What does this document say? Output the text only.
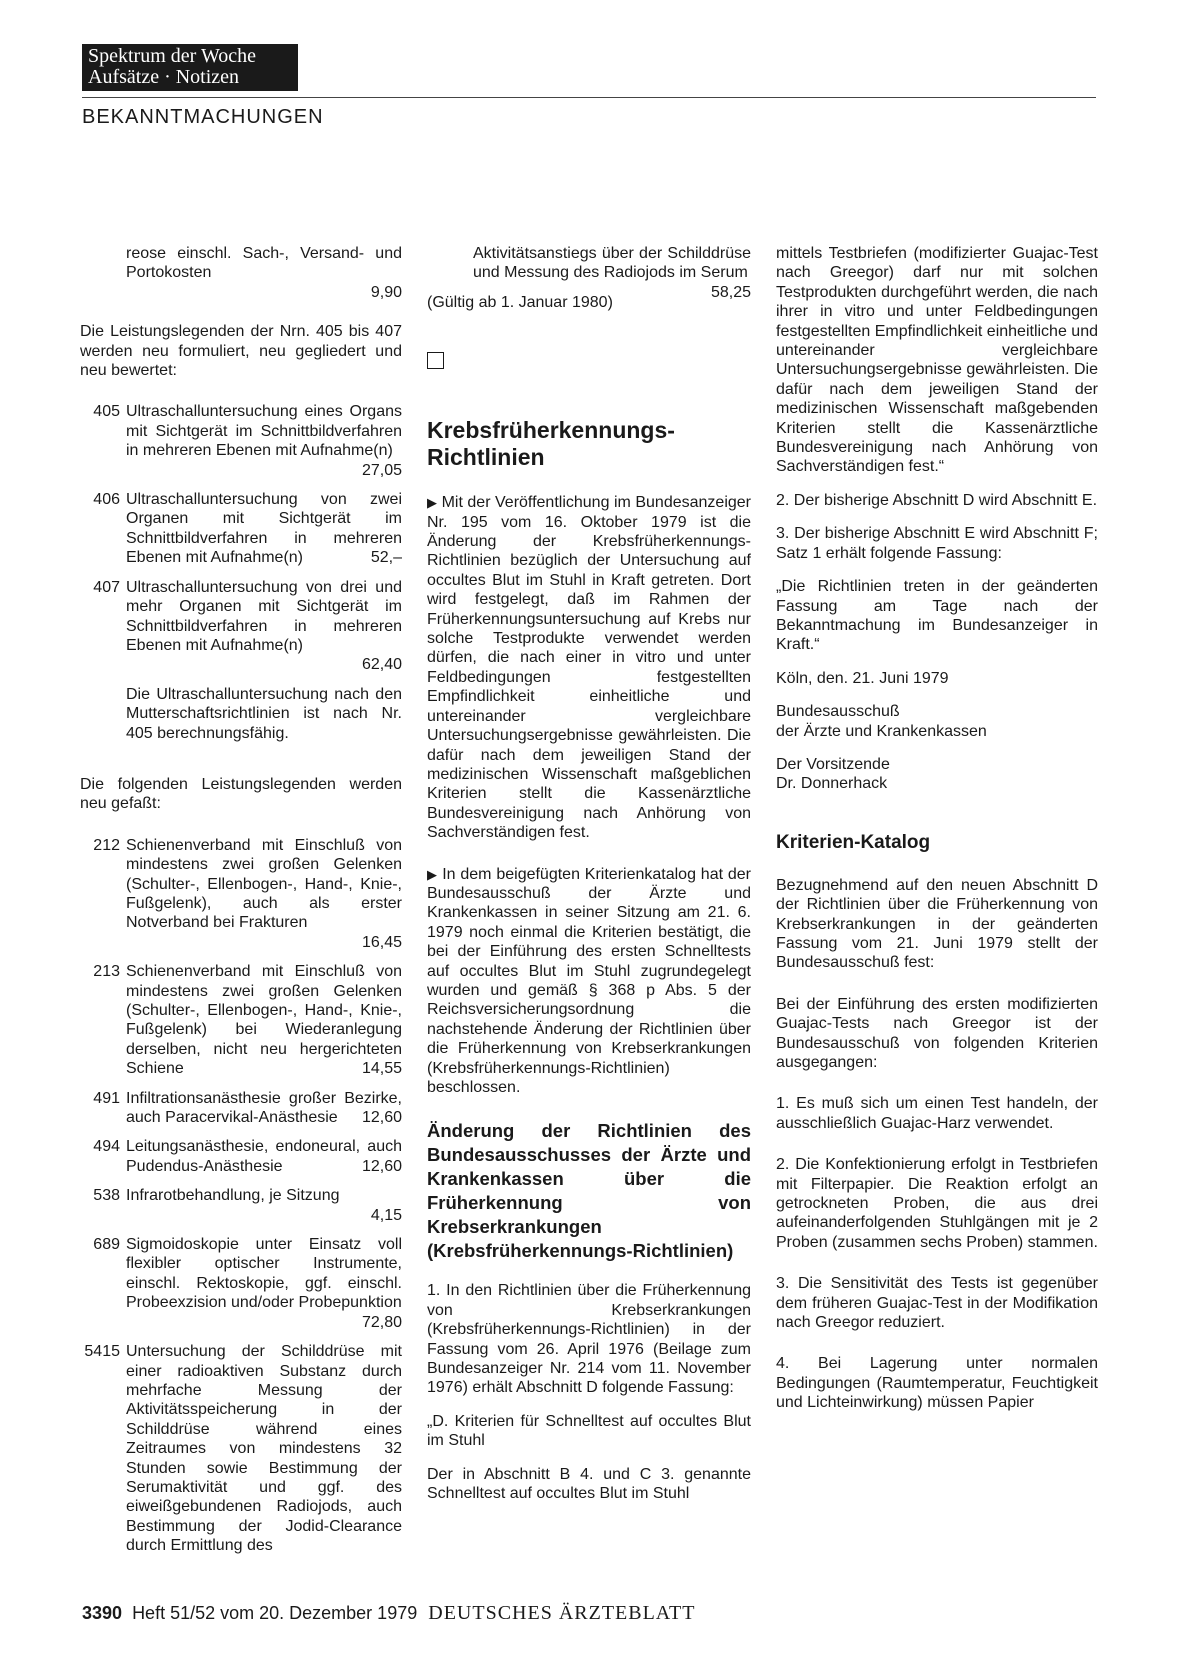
Spektrum der Woche
Aufsätze · Notizen
BEKANNTMACHUNGEN
reose einschl. Sach-, Versand- und Portokosten
9,90

Die Leistungslegenden der Nrn. 405 bis 407 werden neu formuliert, neu gegliedert und neu bewertet:

405 Ultraschalluntersuchung eines Organs mit Sichtgerät im Schnittbildverfahren in mehreren Ebenen mit Aufnahme(n)
27,05
406 Ultraschalluntersuchung von zwei Organen mit Sichtgerät im Schnittbildverfahren in mehreren Ebenen mit Aufnahme(n)	52,–
407 Ultraschalluntersuchung von drei und mehr Organen mit Sichtgerät im Schnittbildverfahren in mehreren Ebenen mit Aufnahme(n)
62,40

Die Ultraschalluntersuchung nach den Mutterschaftsrichtlinien ist nach Nr. 405 berechnungsfähig.

Die folgenden Leistungslegenden werden neu gefaßt:

212 Schienenverband mit Einschluß von mindestens zwei großen Gelenken (Schulter-, Ellenbogen-, Hand-, Knie-, Fußgelenk), auch als erster Notverband bei Frakturen
16,45
213 Schienenverband mit Einschluß von mindestens zwei großen Gelenken (Schulter-, Ellenbogen-, Hand-, Knie-, Fußgelenk) bei Wiederanlegung derselben, nicht neu hergerichteten Schiene	14,55
491 Infiltrationsanästhesie großer Bezirke, auch Paracervikal-Anästhesie 12,60
494 Leitungsanästhesie, endoneural, auch Pudendus-Anästhesie	12,60
538 Infrarotbehandlung, je Sitzung
4,15
689 Sigmoidoskopie unter Einsatz voll flexibler optischer Instrumente, einschl. Rektoskopie, ggf. einschl. Probeexzision und/oder Probepunktion
72,80
5415 Untersuchung der Schilddrüse mit einer radioaktiven Substanz durch mehrfache Messung der Aktivitätsspeicherung in der Schilddrüse während eines Zeitraumes von mindestens 32 Stunden sowie Bestimmung der Serumaktivität und ggf. des eiweißgebundenen Radiojods, auch Bestimmung der Jodid-Clearance durch Ermittlung des
Aktivitätsanstiegs über der Schilddrüse und Messung des Radiojods im Serum
58,25

(Gültig ab 1. Januar 1980)

Krebsfrüherkennungs-Richtlinien

▶ Mit der Veröffentlichung im Bundesanzeiger Nr. 195 vom 16. Oktober 1979 ist die Änderung der Krebsfrüherkennungs-Richtlinien bezüglich der Untersuchung auf occultes Blut im Stuhl in Kraft getreten. Dort wird festgelegt, daß im Rahmen der Früherkennungsuntersuchung auf Krebs nur solche Testprodukte verwendet werden dürfen, die nach einer in vitro und unter Feldbedingungen festgestellten Empfindlichkeit einheitliche und untereinander vergleichbare Untersuchungsergebnisse gewährleisten. Die dafür nach dem jeweiligen Stand der medizinischen Wissenschaft maßgeblichen Kriterien stellt die Kassenärztliche Bundesvereinigung nach Anhörung von Sachverständigen fest.

▶ In dem beigefügten Kriterienkatalog hat der Bundesausschuß der Ärzte und Krankenkassen in seiner Sitzung am 21. 6. 1979 noch einmal die Kriterien bestätigt, die bei der Einführung des ersten Schnelltests auf occultes Blut im Stuhl zugrundegelegt wurden und gemäß § 368 p Abs. 5 der Reichsversicherungsordnung die nachstehende Änderung der Richtlinien über die Früherkennung von Krebserkrankungen (Krebsfrüherkennungs-Richtlinien) beschlossen.

Änderung der Richtlinien des Bundesausschusses der Ärzte und Krankenkassen über die Früherkennung von Krebserkrankungen (Krebsfrüherkennungs-Richtlinien)

1. In den Richtlinien über die Früherkennung von Krebserkrankungen (Krebsfrüherkennungs-Richtlinien) in der Fassung vom 26. April 1976 (Beilage zum Bundesanzeiger Nr. 214 vom 11. November 1976) erhält Abschnitt D folgende Fassung:

„D. Kriterien für Schnelltest auf occultes Blut im Stuhl

Der in Abschnitt B 4. und C 3. genannte Schnelltest auf occultes Blut im Stuhl

mittels Testbriefen (modifizierter Guajac-Test nach Greegor) darf nur mit solchen Testprodukten durchgeführt werden, die nach ihrer in vitro und unter Feldbedingungen festgestellten Empfindlichkeit einheitliche und untereinander vergleichbare Untersuchungsergebnisse gewährleisten. Die dafür nach dem jeweiligen Stand der medizinischen Wissenschaft maßgebenden Kriterien stellt die Kassenärztliche Bundesvereinigung nach Anhörung von Sachverständigen fest.“

2. Der bisherige Abschnitt D wird Abschnitt E.

3. Der bisherige Abschnitt E wird Abschnitt F; Satz 1 erhält folgende Fassung:

„Die Richtlinien treten in der geänderten Fassung am Tage nach der Bekanntmachung im Bundesanzeiger in Kraft.“

Köln, den. 21. Juni 1979

Bundesausschuß
der Ärzte und Krankenkassen

Der Vorsitzende
Dr. Donnerhack

Kriterien-Katalog

Bezugnehmend auf den neuen Abschnitt D der Richtlinien über die Früherkennung von Krebserkrankungen in der geänderten Fassung vom 21. Juni 1979 stellt der Bundesausschuß fest:

Bei der Einführung des ersten modifizierten Guajac-Tests nach Greegor ist der Bundesausschuß von folgenden Kriterien ausgegangen:

1. Es muß sich um einen Test handeln, der ausschließlich Guajac-Harz verwendet.

2. Die Konfektionierung erfolgt in Testbriefen mit Filterpapier. Die Reaktion erfolgt an getrockneten Proben, die aus drei aufeinanderfolgenden Stuhlgängen mit je 2 Proben (zusammen sechs Proben) stammen.

3. Die Sensitivität des Tests ist gegenüber dem früheren Guajac-Test in der Modifikation nach Greegor reduziert.

4. Bei Lagerung unter normalen Bedingungen (Raumtemperatur, Feuchtigkeit und Lichteinwirkung) müssen Papier

3390 Heft 51/52 vom 20. Dezember 1979 DEUTSCHES ÄRZTEBLATT
